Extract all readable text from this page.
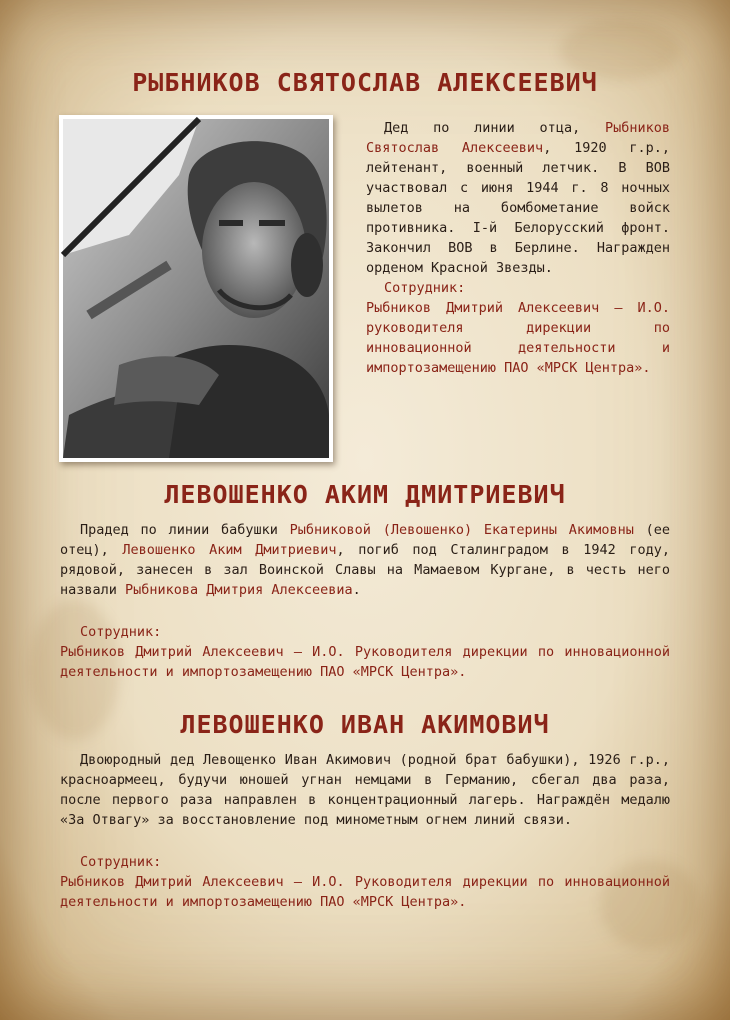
РЫБНИКОВ СВЯТОСЛАВ АЛЕКСЕЕВИЧ

Дед по линии отца, Рыбников Святослав Алексеевич, 1920 г.р., лейтенант, военный летчик. В ВОВ участвовал с июня 1944 г. 8 ночных вылетов на бомбометание войск противника. I-й Белорусский фронт. Закончил ВОВ в Берлине. Награжден орденом Красной Звезды.

Сотрудник:

Рыбников Дмитрий Алексеевич – И.О. руководителя дирекции по инновационной деятельности и импортозамещению ПАО «МРСК Центра».

ЛЕВОШЕНКО АКИМ ДМИТРИЕВИЧ

Прадед по линии бабушки Рыбниковой (Левошенко) Екатерины Акимовны (ее отец), Левошенко Аким Дмитриевич, погиб под Сталинградом в 1942 году, рядовой, занесен в зал Воинской Славы на Мамаевом Кургане, в честь него назвали Рыбникова Дмитрия Алексеевиа.

Сотрудник:

Рыбников Дмитрий Алексеевич – И.О. Руководителя дирекции по инновационной деятельности и импортозамещению ПАО «МРСК Центра».

ЛЕВОШЕНКО ИВАН АКИМОВИЧ

Двоюродный дед Левощенко Иван Акимович (родной брат бабушки), 1926 г.р., красноармеец, будучи юношей угнан немцами в Германию, сбегал два раза, после первого раза направлен в концентрационный лагерь. Награждён медалю «За Отвагу» за восстановление под минометным огнем линий связи.

Сотрудник:

Рыбников Дмитрий Алексеевич – И.О. Руководителя дирекции по инновационной деятельности и импортозамещению ПАО «МРСК Центра».
